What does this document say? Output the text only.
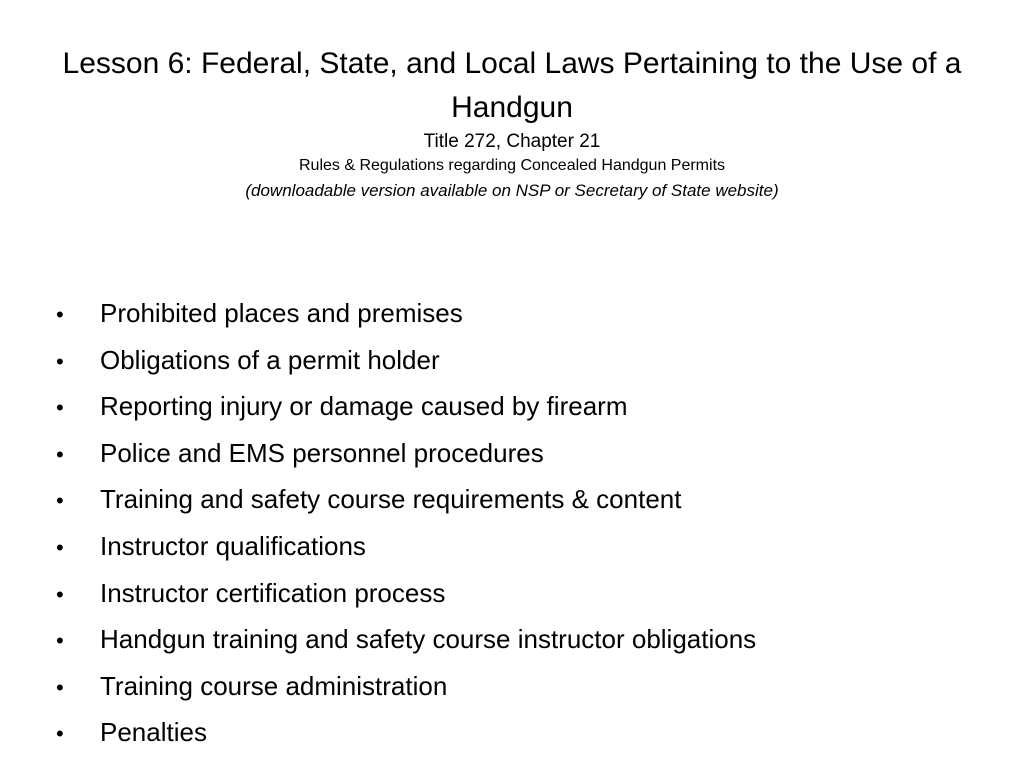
Lesson 6: Federal, State, and Local Laws Pertaining to the Use of a Handgun

Title 272, Chapter 21

Rules & Regulations regarding Concealed Handgun Permits

(downloadable version available on NSP or Secretary of State website)

•	Prohibited places and premises
•	Obligations of a permit holder
•	Reporting injury or damage caused by firearm
•	Police and EMS personnel procedures
•	Training and safety course requirements & content
•	Instructor qualifications
•	Instructor certification process
•	Handgun training and safety course instructor obligations
•	Training course administration
•	Penalties
